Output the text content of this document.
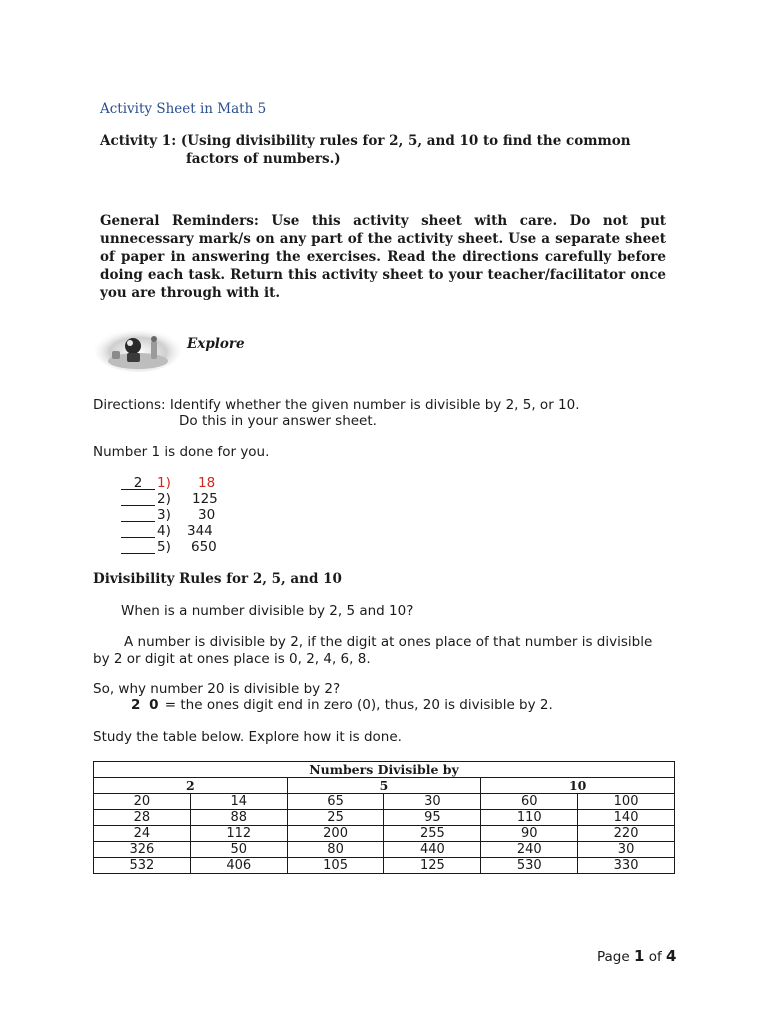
Activity Sheet in Math 5
Activity 1: (Using divisibility rules for 2, 5, and 10 to find the common
factors of numbers.)
General Reminders: Use this activity sheet with care. Do not put unnecessary mark/s on any part of the activity sheet. Use a separate sheet of paper in answering the exercises. Read the directions carefully before doing each task. Return this activity sheet to your teacher/facilitator once you are through with it.
Explore
Directions: Identify whether the given number is divisible by 2, 5, or 10.
Do this in your answer sheet.
Number 1 is done for you.
2	1) 18
2) 125
3) 30
4) 344
5) 650
Divisibility Rules for 2, 5, and 10
When is a number divisible by 2, 5 and 10?
A number is divisible by 2, if the digit at ones place of that number is divisible by 2 or digit at ones place is 0, 2, 4, 6, 8.
So, why number 20 is divisible by 2?
2 0 = the ones digit end in zero (0), thus, 20 is divisible by 2.
Study the table below. Explore how it is done.
Numbers Divisible by					
2		5		10	
20	14	65	30	60	100
28	88	25	95	110	140
24	112	200	255	90	220
326	50	80	440	240	30
532	406	105	125	530	330
Page 1 of 4
